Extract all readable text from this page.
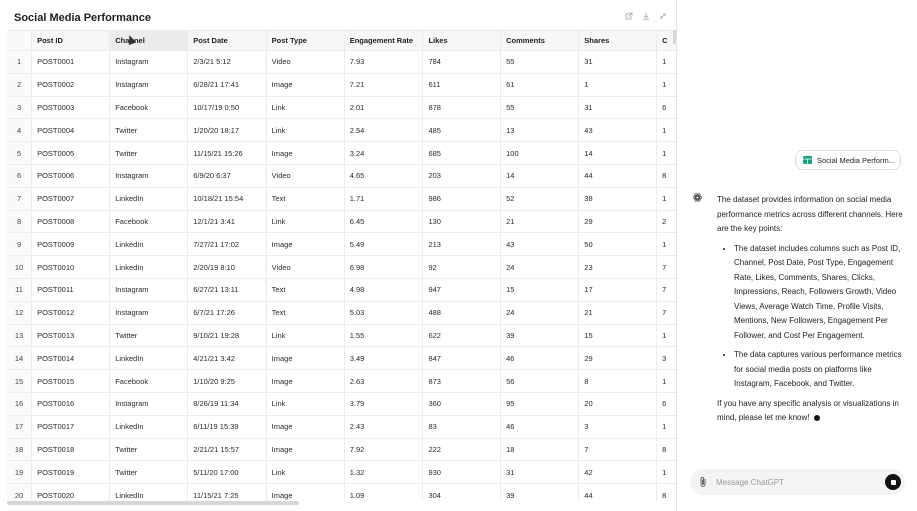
Social Media Performance
	Post ID	Channel	Post Date	Post Type	Engagement Rate	Likes	Comments	Shares	C
1	POST0001	Instagram	2/3/21 5:12	Video	7.93	784	55	31	1
2	POST0002	Instagram	6/28/21 17:41	Image	7.21	611	61	1	1
3	POST0003	Facebook	10/17/19 0:50	Link	2.01	878	55	31	6
4	POST0004	Twitter	1/20/20 18:17	Link	2.54	485	13	43	1
5	POST0005	Twitter	11/15/21 15:26	Image	3.24	685	100	14	1
6	POST0006	Instagram	6/9/20 6:37	Video	4.65	203	14	44	8
7	POST0007	LinkedIn	10/18/21 15:54	Text	1.71	986	52	38	1
8	POST0008	Facebook	12/1/21 3:41	Link	6.45	130	21	29	2
9	POST0009	LinkedIn	7/27/21 17:02	Image	5.49	213	43	50	1
10	POST0010	LinkedIn	2/20/19 8:10	Video	6.98	92	24	23	7
11	POST0011	Instagram	6/27/21 13:11	Text	4.98	947	15	17	7
12	POST0012	Instagram	6/7/21 17:26	Text	5.03	488	24	21	7
13	POST0013	Twitter	9/10/21 19:28	Link	1.55	622	39	15	1
14	POST0014	LinkedIn	4/21/21 3:42	Image	3.49	847	46	29	3
15	POST0015	Facebook	1/10/20 9:25	Image	2.63	873	56	8	1
16	POST0016	Instagram	8/26/19 11:34	Link	3.79	360	95	20	6
17	POST0017	LinkedIn	6/11/19 15:39	Image	2.43	83	46	3	1
18	POST0018	Twitter	2/21/21 15:57	Image	7.92	222	18	7	8
19	POST0019	Twitter	5/11/20 17:00	Link	1.32	930	31	42	1
20	POST0020	LinkedIn	11/15/21 7:25	Image	1.09	304	39	44	8
Social Media Perform...

The dataset provides information on social media performance metrics across different channels. Here are the key points:

• The dataset includes columns such as Post ID, Channel, Post Date, Post Type, Engagement Rate, Likes, Comments, Shares, Clicks, Impressions, Reach, Followers Growth, Video Views, Average Watch Time, Profile Visits, Mentions, New Followers, Engagement Per Follower, and Cost Per Engagement.
• The data captures various performance metrics for social media posts on platforms like Instagram, Facebook, and Twitter.

If you have any specific analysis or visualizations in mind, please let me know!

Message ChatGPT
